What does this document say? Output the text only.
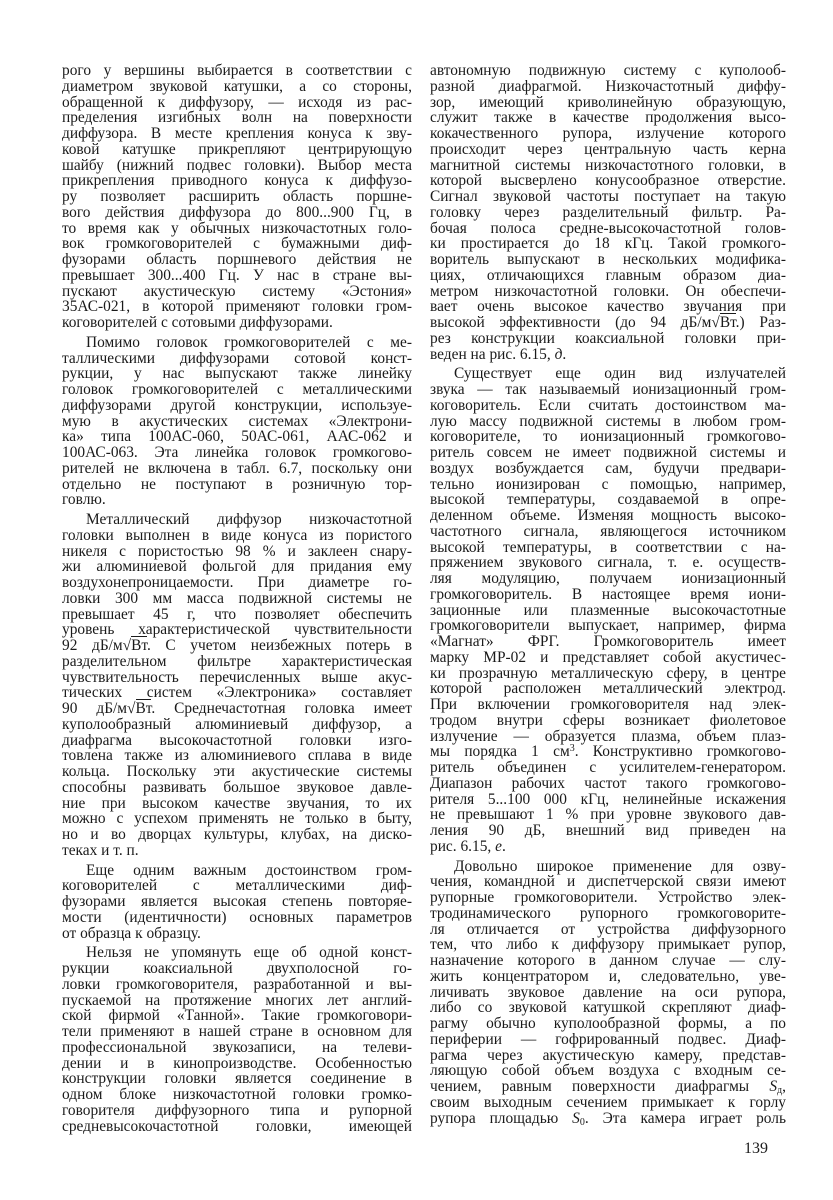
рого у вершины выбирается в соответствии с
диаметром звуковой катушки, а со стороны,
обращенной к диффузору, — исходя из рас-
пределения изгибных волн на поверхности
диффузора. В месте крепления конуса к зву-
ковой катушке прикрепляют центрирующую
шайбу (нижний подвес головки). Выбор места
прикрепления приводного конуса к диффузо-
ру позволяет расширить область поршне-
вого действия диффузора до 800...900 Гц, в
то время как у обычных низкочастотных голо-
вок громкоговорителей с бумажными диф-
фузорами область поршневого действия не
превышает 300...400 Гц. У нас в стране вы-
пускают акустическую систему «Эстония»
35АС-021, в которой применяют головки гром-
коговорителей с сотовыми диффузорами.
Помимо головок громкоговорителей с ме-
таллическими диффузорами сотовой конст-
рукции, у нас выпускают также линейку
головок громкоговорителей с металлическими
диффузорами другой конструкции, используе-
мую в акустических системах «Электрони-
ка» типа 100АС-060, 50АС-061, ААС-062 и
100АС-063. Эта линейка головок громкогово-
рителей не включена в табл. 6.7, поскольку они
отдельно не поступают в розничную тор-
говлю.
Металлический диффузор низкочастотной
головки выполнен в виде конуса из пористого
никеля с пористостью 98 % и заклеен снару-
жи алюминиевой фольгой для придания ему
воздухонепроницаемости. При диаметре го-
ловки 300 мм масса подвижной системы не
превышает 45 г, что позволяет обеспечить
уровень характеристической чувствительности
92 дБ/м√Вт. С учетом неизбежных потерь в
разделительном фильтре характеристическая
чувствительность перечисленных выше акус-
тических систем «Электроника» составляет
90 дБ/м√Вт. Среднечастотная головка имеет
куполообразный алюминиевый диффузор, а
диафрагма высокочастотной головки изго-
товлена также из алюминиевого сплава в виде
кольца. Поскольку эти акустические системы
способны развивать большое звуковое давле-
ние при высоком качестве звучания, то их
можно с успехом применять не только в быту,
но и во дворцах культуры, клубах, на диско-
теках и т. п.
Еще одним важным достоинством гром-
коговорителей с металлическими диф-
фузорами является высокая степень повторяе-
мости (идентичности) основных параметров
от образца к образцу.
Нельзя не упомянуть еще об одной конст-
рукции коаксиальной двухполосной го-
ловки громкоговорителя, разработанной и вы-
пускаемой на протяжение многих лет англий-
ской фирмой «Танной». Такие громкоговори-
тели применяют в нашей стране в основном для
профессиональной звукозаписи, на телеви-
дении и в кинопроизводстве. Особенностью
конструкции головки является соединение в
одном блоке низкочастотной головки громко-
говорителя диффузорного типа и рупорной
средневысокочастотной головки, имеющей
автономную подвижную систему с куполооб-
разной диафрагмой. Низкочастотный диффу-
зор, имеющий криволинейную образующую,
служит также в качестве продолжения высо-
кокачественного рупора, излучение которого
происходит через центральную часть керна
магнитной системы низкочастотного головки, в
которой высверлено конусообразное отверстие.
Сигнал звуковой частоты поступает на такую
головку через разделительный фильтр. Ра-
бочая полоса средне-высокочастотной голов-
ки простирается до 18 кГц. Такой громкого-
воритель выпускают в нескольких модифика-
циях, отличающихся главным образом диа-
метром низкочастотной головки. Он обеспечи-
вает очень высокое качество звучания при
высокой эффективности (до 94 дБ/м√Вт.) Раз-
рез конструкции коаксиальной головки при-
веден на рис. 6.15, д.
Существует еще один вид излучателей
звука — так называемый ионизационный гром-
коговоритель. Если считать достоинством ма-
лую массу подвижной системы в любом гром-
коговорителе, то ионизационный громкогово-
ритель совсем не имеет подвижной системы и
воздух возбуждается сам, будучи предвари-
тельно ионизирован с помощью, например,
высокой температуры, создаваемой в опре-
деленном объеме. Изменяя мощность высоко-
частотного сигнала, являющегося источником
высокой температуры, в соответствии с на-
пряжением звукового сигнала, т. е. осуществ-
ляя модуляцию, получаем ионизационный
громкоговоритель. В настоящее время иони-
зационные или плазменные высокочастотные
громкоговорители выпускает, например, фирма
«Магнат» ФРГ. Громкоговоритель имеет
марку МР-02 и представляет собой акустичес-
ки прозрачную металлическую сферу, в центре
которой расположен металлический электрод.
При включении громкоговорителя над элек-
тродом внутри сферы возникает фиолетовое
излучение — образуется плазма, объем плаз-
мы порядка 1 $см^3$. Конструктивно громкогово-
ритель объединен с усилителем-генератором.
Диапазон рабочих частот такого громкогово-
рителя 5...100 000 кГц, нелинейные искажения
не превышают 1 % при уровне звукового дав-
ления 90 дБ, внешний вид приведен на
рис. 6.15, е.
Довольно широкое применение для озву-
чения, командной и диспетчерской связи имеют
рупорные громкоговорители. Устройство элек-
тродинамического рупорного громкоговорите-
ля отличается от устройства диффузорного
тем, что либо к диффузору примыкает рупор,
назначение которого в данном случае — слу-
жить концентратором и, следовательно, уве-
личивать звуковое давление на оси рупора,
либо со звуковой катушкой скрепляют диаф-
рагму обычно куполообразной формы, а по
периферии — гофрированный подвес. Диаф-
рагма через акустическую камеру, представ-
ляющую собой объем воздуха с входным се-
чением, равным поверхности диафрагмы $S_д$,
своим выходным сечением примыкает к горлу
рупора площадью $S_0$. Эта камера играет роль
139
